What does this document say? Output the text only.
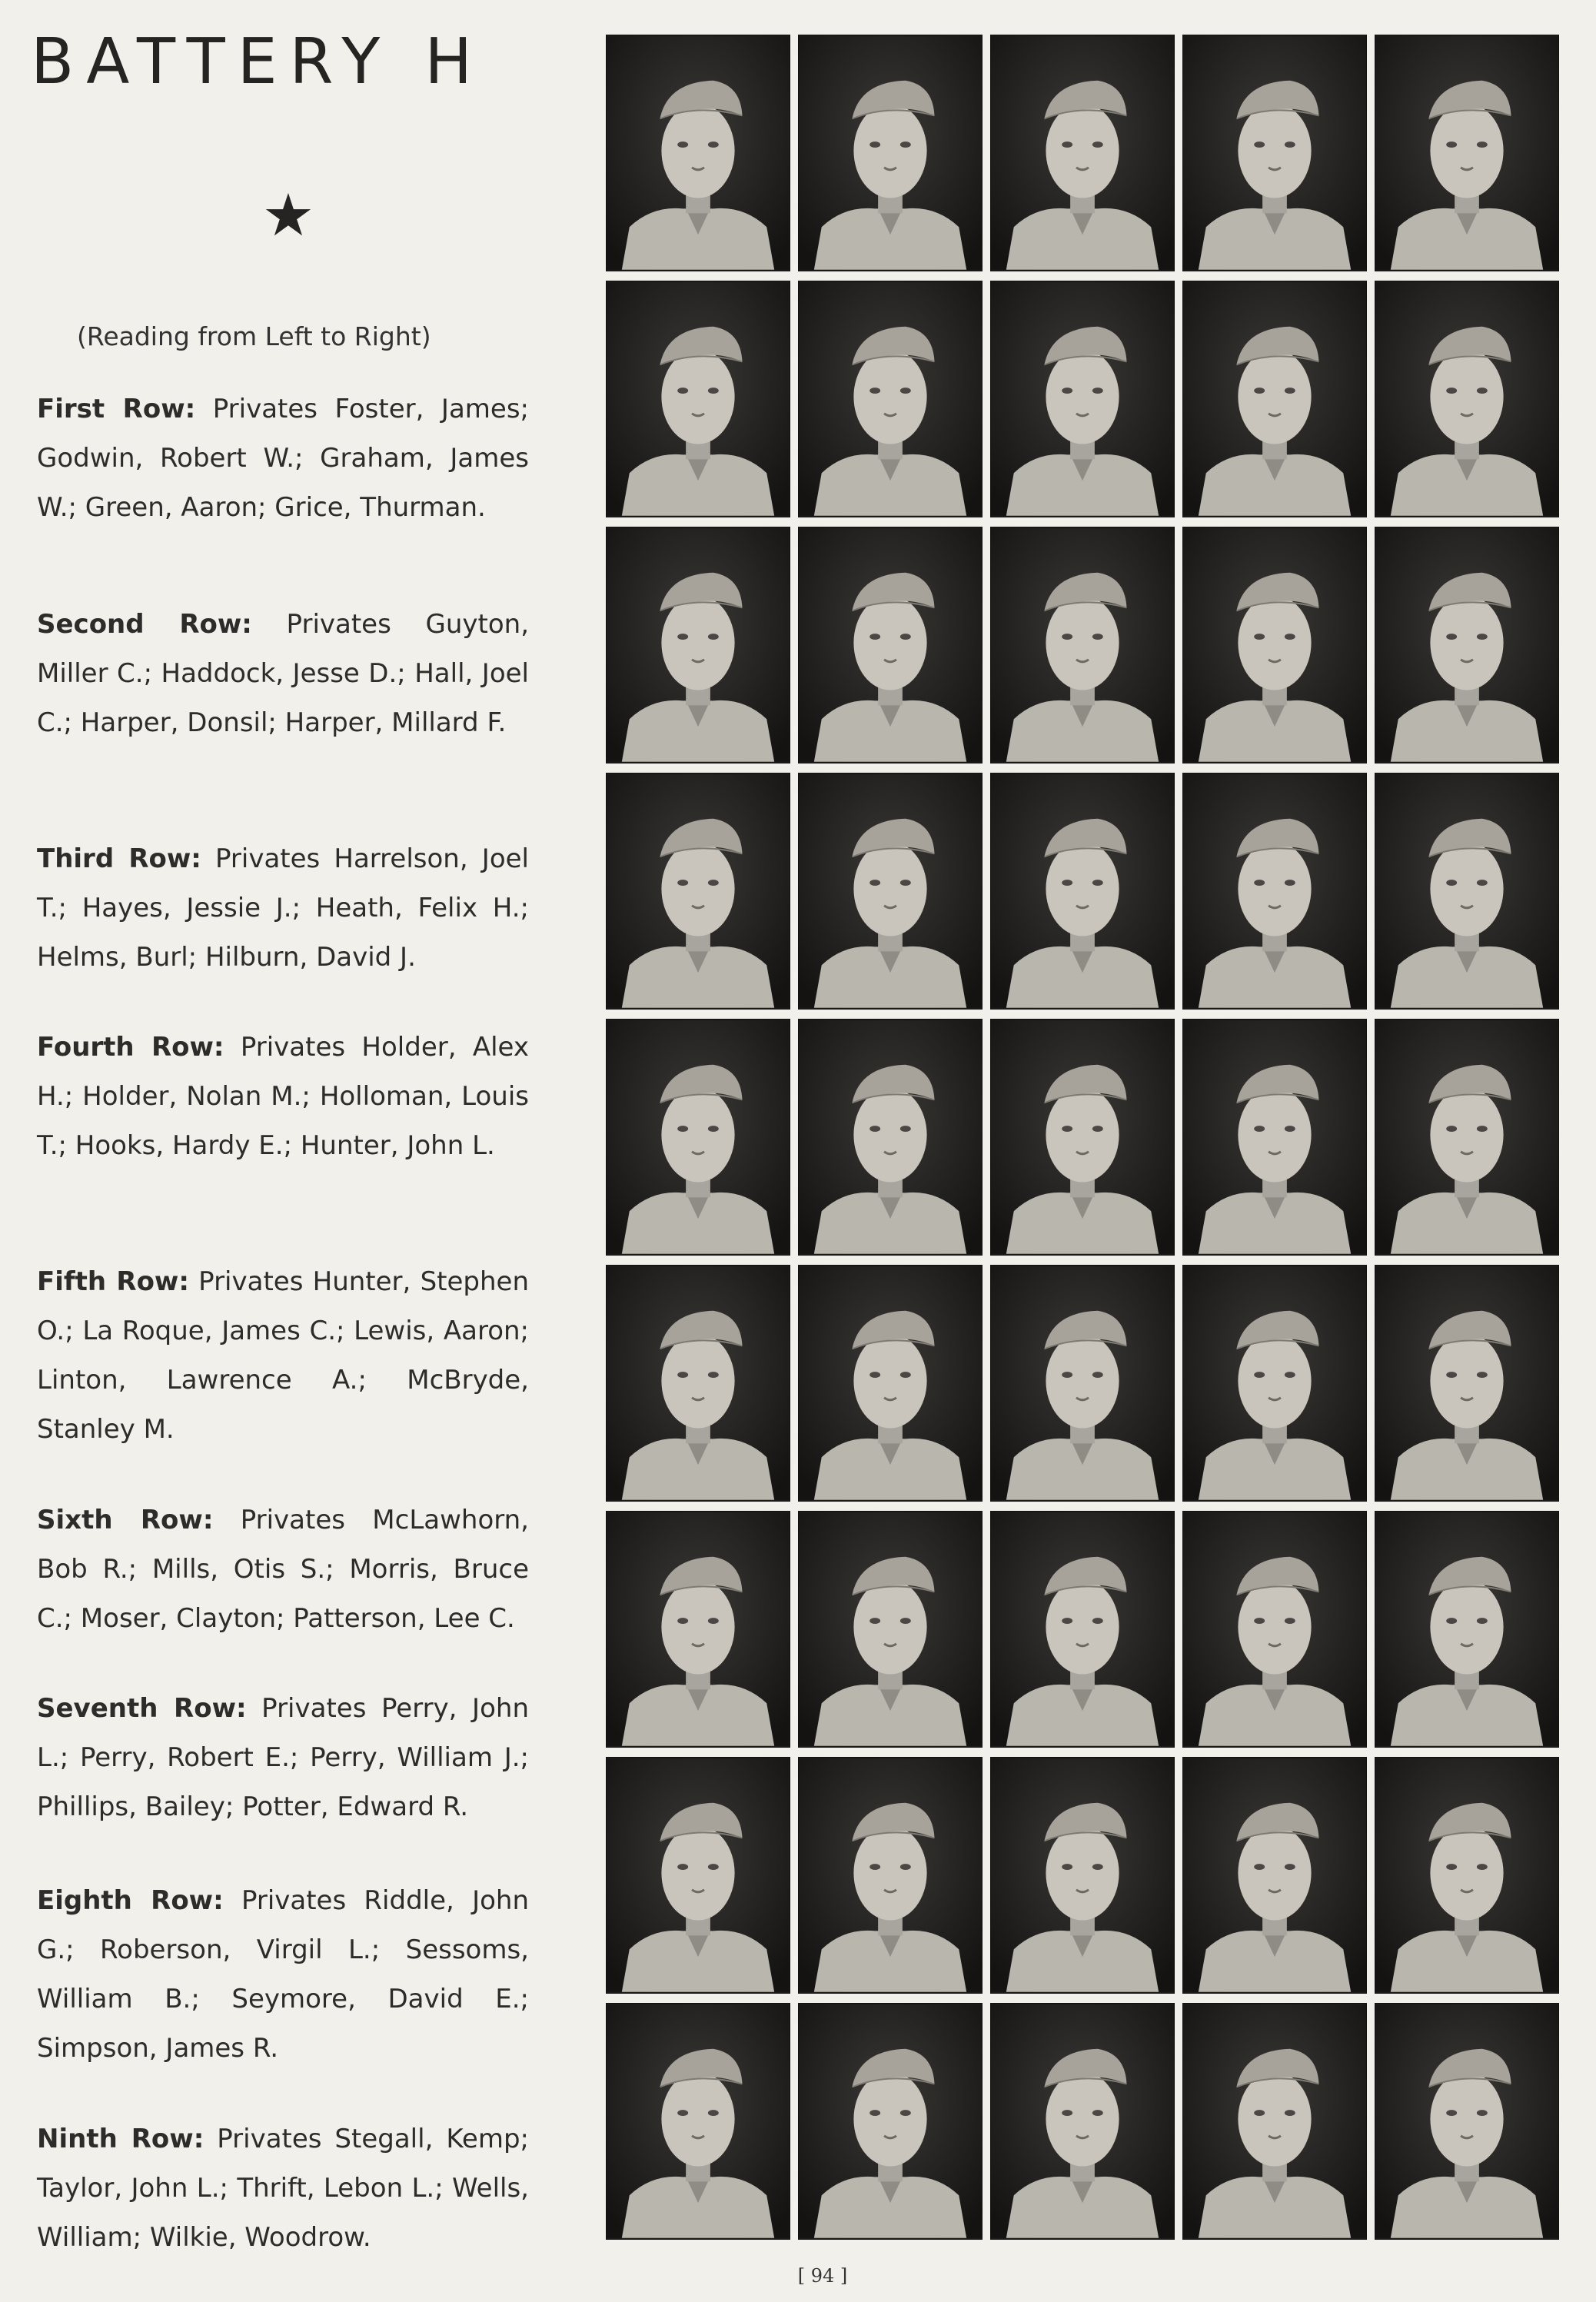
BATTERY H
★
(Reading from Left to Right)

First Row: Privates Foster, James; Godwin, Robert W.; Graham, James W.; Green, Aaron; Grice, Thurman.

Second Row: Privates Guyton, Miller C.; Haddock, Jesse D.; Hall, Joel C.; Harper, Donsil; Harper, Millard F.

Third Row: Privates Harrelson, Joel T.; Hayes, Jessie J.; Heath, Felix H.; Helms, Burl; Hilburn, David J.

Fourth Row: Privates Holder, Alex H.; Holder, Nolan M.; Holloman, Louis T.; Hooks, Hardy E.; Hunter, John L.

Fifth Row: Privates Hunter, Stephen O.; La Roque, James C.; Lewis, Aaron; Linton, Lawrence A.; McBryde, Stanley M.

Sixth Row: Privates McLawhorn, Bob R.; Mills, Otis S.; Morris, Bruce C.; Moser, Clayton; Patterson, Lee C.

Seventh Row: Privates Perry, John L.; Perry, Robert E.; Perry, William J.; Phillips, Bailey; Potter, Edward R.

Eighth Row: Privates Riddle, John G.; Roberson, Virgil L.; Sessoms, William B.; Seymore, David E.; Simpson, James R.

Ninth Row: Privates Stegall, Kemp; Taylor, John L.; Thrift, Lebon L.; Wells, William; Wilkie, Woodrow.

[ 94 ]
